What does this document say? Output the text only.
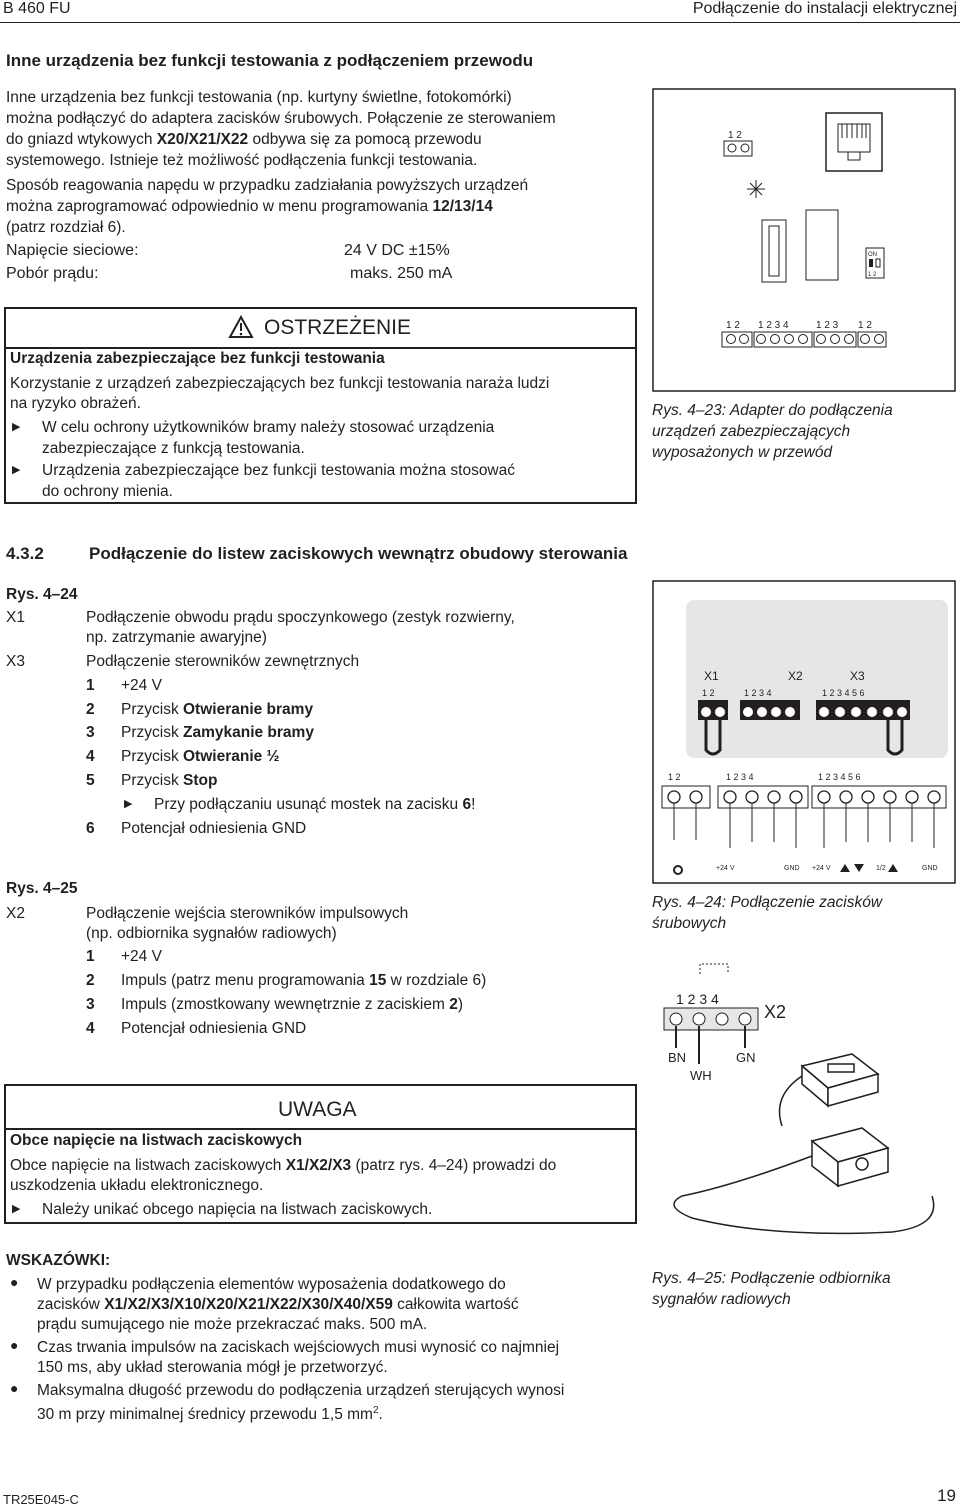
B 460 FU	Podłączenie do instalacji elektrycznej
Inne urządzenia bez funkcji testowania z podłączeniem przewodu
Inne urządzenia bez funkcji testowania (np. kurtyny świetlne, fotokomórki)
można podłączyć do adaptera zacisków śrubowych. Połączenie ze sterowaniem
do gniazd wtykowych X20/X21/X22 odbywa się za pomocą przewodu
systemowego. Istnieje też możliwość podłączenia funkcji testowania.
Sposób reagowania napędu w przypadku zadziałania powyższych urządzeń
można zaprogramować odpowiednio w menu programowania 12/13/14
(patrz rozdział 6).
Napięcie sieciowe:	24 V DC ±15%
Pobór prądu:	maks. 250 mA
OSTRZEŻENIE
Urządzenia zabezpieczające bez funkcji testowania
Korzystanie z urządzeń zabezpieczających bez funkcji testowania naraża ludzi
na ryzyko obrażeń.
▶ W celu ochrony użytkowników bramy należy stosować urządzenia
zabezpieczające z funkcją testowania.
▶ Urządzenia zabezpieczające bez funkcji testowania można stosować
do ochrony mienia.
1 2
ON
1 2
1 2 1 2 3 4	1 2 3 1 2
Rys. 4–23: Adapter do podłączenia
urządzeń zabezpieczających
wyposażonych w przewód
4.3.2	Podłączenie do listew zaciskowych wewnątrz obudowy sterowania
Rys. 4–24
X1	Podłączenie obwodu prądu spoczynkowego (zestyk rozwierny,
np. zatrzymanie awaryjne)
X3	Podłączenie sterowników zewnętrznych
1 +24 V
2 Przycisk Otwieranie bramy
3 Przycisk Zamykanie bramy
4 Przycisk Otwieranie ½
5 Przycisk Stop
▶ Przy podłączaniu usunąć mostek na zacisku 6!
6 Potencjał odniesienia GND
Rys. 4–25
X2	Podłączenie wejścia sterowników impulsowych
(np. odbiornika sygnałów radiowych)
1 +24 V
2 Impuls (patrz menu programowania 15 w rozdziale 6)
3 Impuls (zmostkowany wewnętrznie z zaciskiem 2)
4 Potencjał odniesienia GND
X1	X2	X3
1 2	1 2 3 4	1 2 3 4 5 6
1 2	1 2 3 4	1 2 3 4 5 6
+24 V	GND +24 V	1/2	GND
Rys. 4–24: Podłączenie zacisków
śrubowych
1 2 3 4
X2
BN
WH
GN
Rys. 4–25: Podłączenie odbiornika
sygnałów radiowych
UWAGA
Obce napięcie na listwach zaciskowych
Obce napięcie na listwach zaciskowych X1/X2/X3 (patrz rys. 4–24) prowadzi do
uszkodzenia układu elektronicznego.
▶ Należy unikać obcego napięcia na listwach zaciskowych.
WSKAZÓWKI:
● W przypadku podłączenia elementów wyposażenia dodatkowego do
zacisków X1/X2/X3/X10/X20/X21/X22/X30/X40/X59 całkowita wartość
prądu sumującego nie może przekraczać maks. 500 mA.
● Czas trwania impulsów na zaciskach wejściowych musi wynosić co najmniej
150 ms, aby układ sterowania mógł je przetworzyć.
● Maksymalna długość przewodu do podłączenia urządzeń sterujących wynosi
30 m przy minimalnej średnicy przewodu 1,5 $mm^2$.
TR25E045-C	19
